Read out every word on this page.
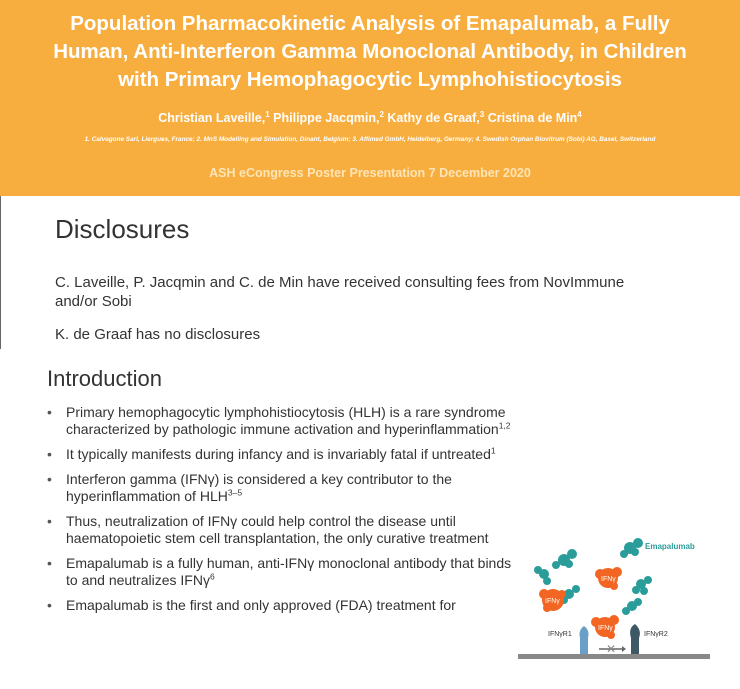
Population Pharmacokinetic Analysis of Emapalumab, a Fully
Human, Anti-Interferon Gamma Monoclonal Antibody, in Children
with Primary Hemophagocytic Lymphohistiocytosis
Christian Laveille,$^1$ Philippe Jacqmin,$^2$ Kathy de Graaf,$^3$ Cristina de Min$^4$
1. Calvagone Sarl, Liergues, France; 2. MnS Modelling and Simulation, Dinant, Belgium; 3. Affimed GmbH, Heidelberg, Germany; 4. Swedish Orphan Biovitrum (Sobi) AG, Basel, Switzerland
ASH eCongress Poster Presentation 7 December 2020
Disclosures
C. Laveille, P. Jacqmin and C. de Min have received consulting fees from NovImmune and/or Sobi
K. de Graaf has no disclosures
Introduction
• Primary hemophagocytic lymphohistiocytosis (HLH) is a rare syndrome characterized by pathologic immune activation and hyperinflammation$^{1,2}$
• It typically manifests during infancy and is invariably fatal if untreated$^1$
• Interferon gamma (IFNγ) is considered a key contributor to the hyperinflammation of HLH$^{3-5}$
• Thus, neutralization of IFNγ could help control the disease until haematopoietic stem cell transplantation, the only curative treatment
• Emapalumab is a fully human, anti-IFNγ monoclonal antibody that binds to and neutralizes IFNγ$^6$
• Emapalumab is the first and only approved (FDA) treatment for
✕
Emapalumab
IFNγ
IFNγ
IFNγ
IFNγR1	IFNγR2
